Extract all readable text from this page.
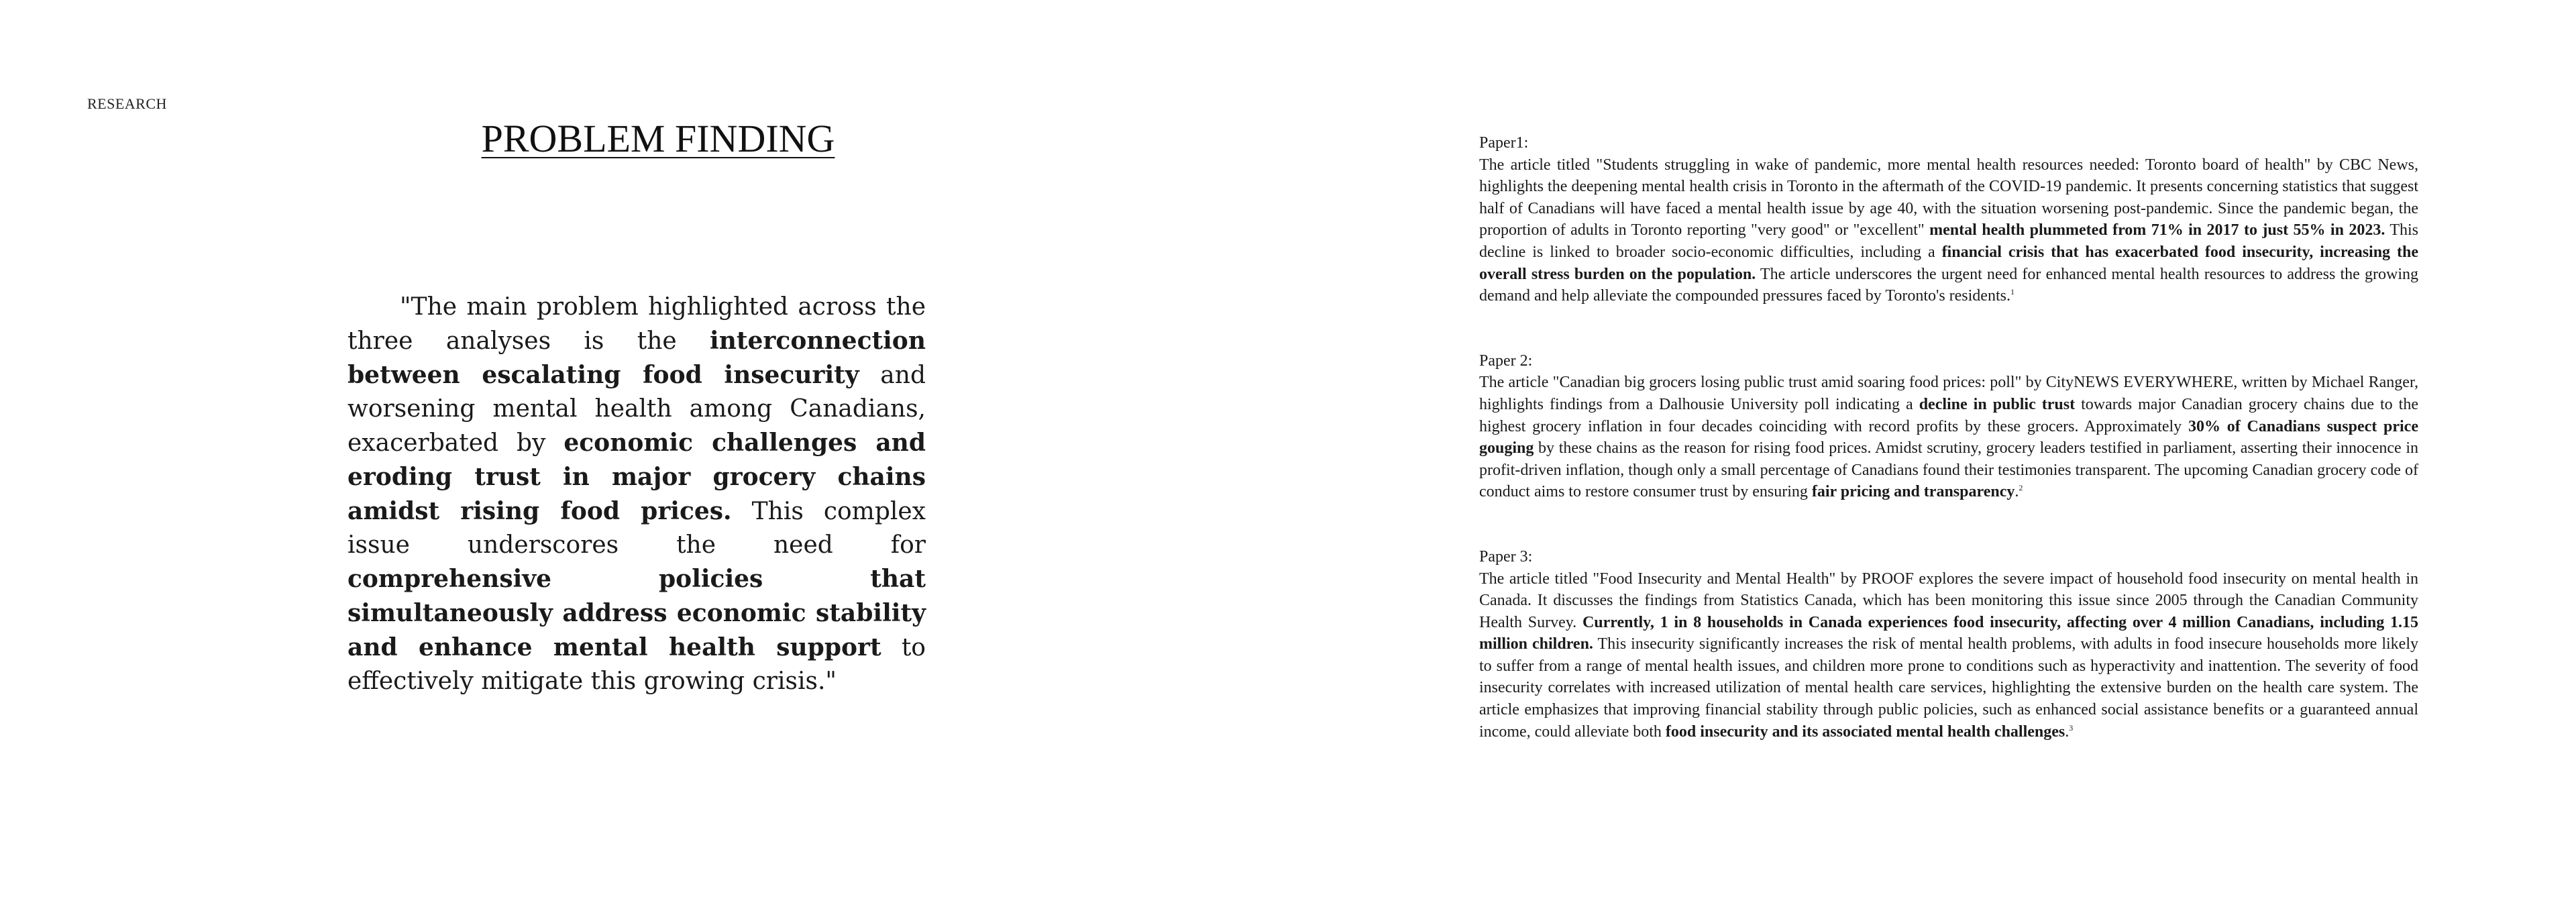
RESEARCH
PROBLEM FINDING
"The main problem highlighted across the three analyses is the interconnection between escalating food insecurity and worsening mental health among Canadians, exacerbated by economic challenges and eroding trust in major grocery chains amidst rising food prices. This complex issue underscores the need for comprehensive policies that simultaneously address economic stability and enhance mental health support to effectively mitigate this growing crisis."
Paper1:
The article titled "Students struggling in wake of pandemic, more mental health resources needed: Toronto board of health" by CBC News, highlights the deepening mental health crisis in Toronto in the aftermath of the COVID-19 pandemic. It presents concerning statistics that suggest half of Canadians will have faced a mental health issue by age 40, with the situation worsening post-pandemic. Since the pandemic began, the proportion of adults in Toronto reporting "very good" or "excellent" mental health plummeted from 71% in 2017 to just 55% in 2023. This decline is linked to broader socio-economic difficulties, including a financial crisis that has exacerbated food insecurity, increasing the overall stress burden on the population. The article underscores the urgent need for enhanced mental health resources to address the growing demand and help alleviate the compounded pressures faced by Toronto's residents.$^1$
Paper 2:
The article "Canadian big grocers losing public trust amid soaring food prices: poll" by CityNEWS EVERYWHERE, written by Michael Ranger, highlights findings from a Dalhousie University poll indicating a decline in public trust towards major Canadian grocery chains due to the highest grocery inflation in four decades coinciding with record profits by these grocers. Approximately 30% of Canadians suspect price gouging by these chains as the reason for rising food prices. Amidst scrutiny, grocery leaders testified in parliament, asserting their innocence in profit-driven inflation, though only a small percentage of Canadians found their testimonies transparent. The upcoming Canadian grocery code of conduct aims to restore consumer trust by ensuring fair pricing and transparency.$^2$
Paper 3:
The article titled "Food Insecurity and Mental Health" by PROOF explores the severe impact of household food insecurity on mental health in Canada. It discusses the findings from Statistics Canada, which has been monitoring this issue since 2005 through the Canadian Community Health Survey. Currently, 1 in 8 households in Canada experiences food insecurity, affecting over 4 million Canadians, including 1.15 million children. This insecurity significantly increases the risk of mental health problems, with adults in food insecure households more likely to suffer from a range of mental health issues, and children more prone to conditions such as hyperactivity and inattention. The severity of food insecurity correlates with increased utilization of mental health care services, highlighting the extensive burden on the health care system. The article emphasizes that improving financial stability through public policies, such as enhanced social assistance benefits or a guaranteed annual income, could alleviate both food insecurity and its associated mental health challenges.$^3$
